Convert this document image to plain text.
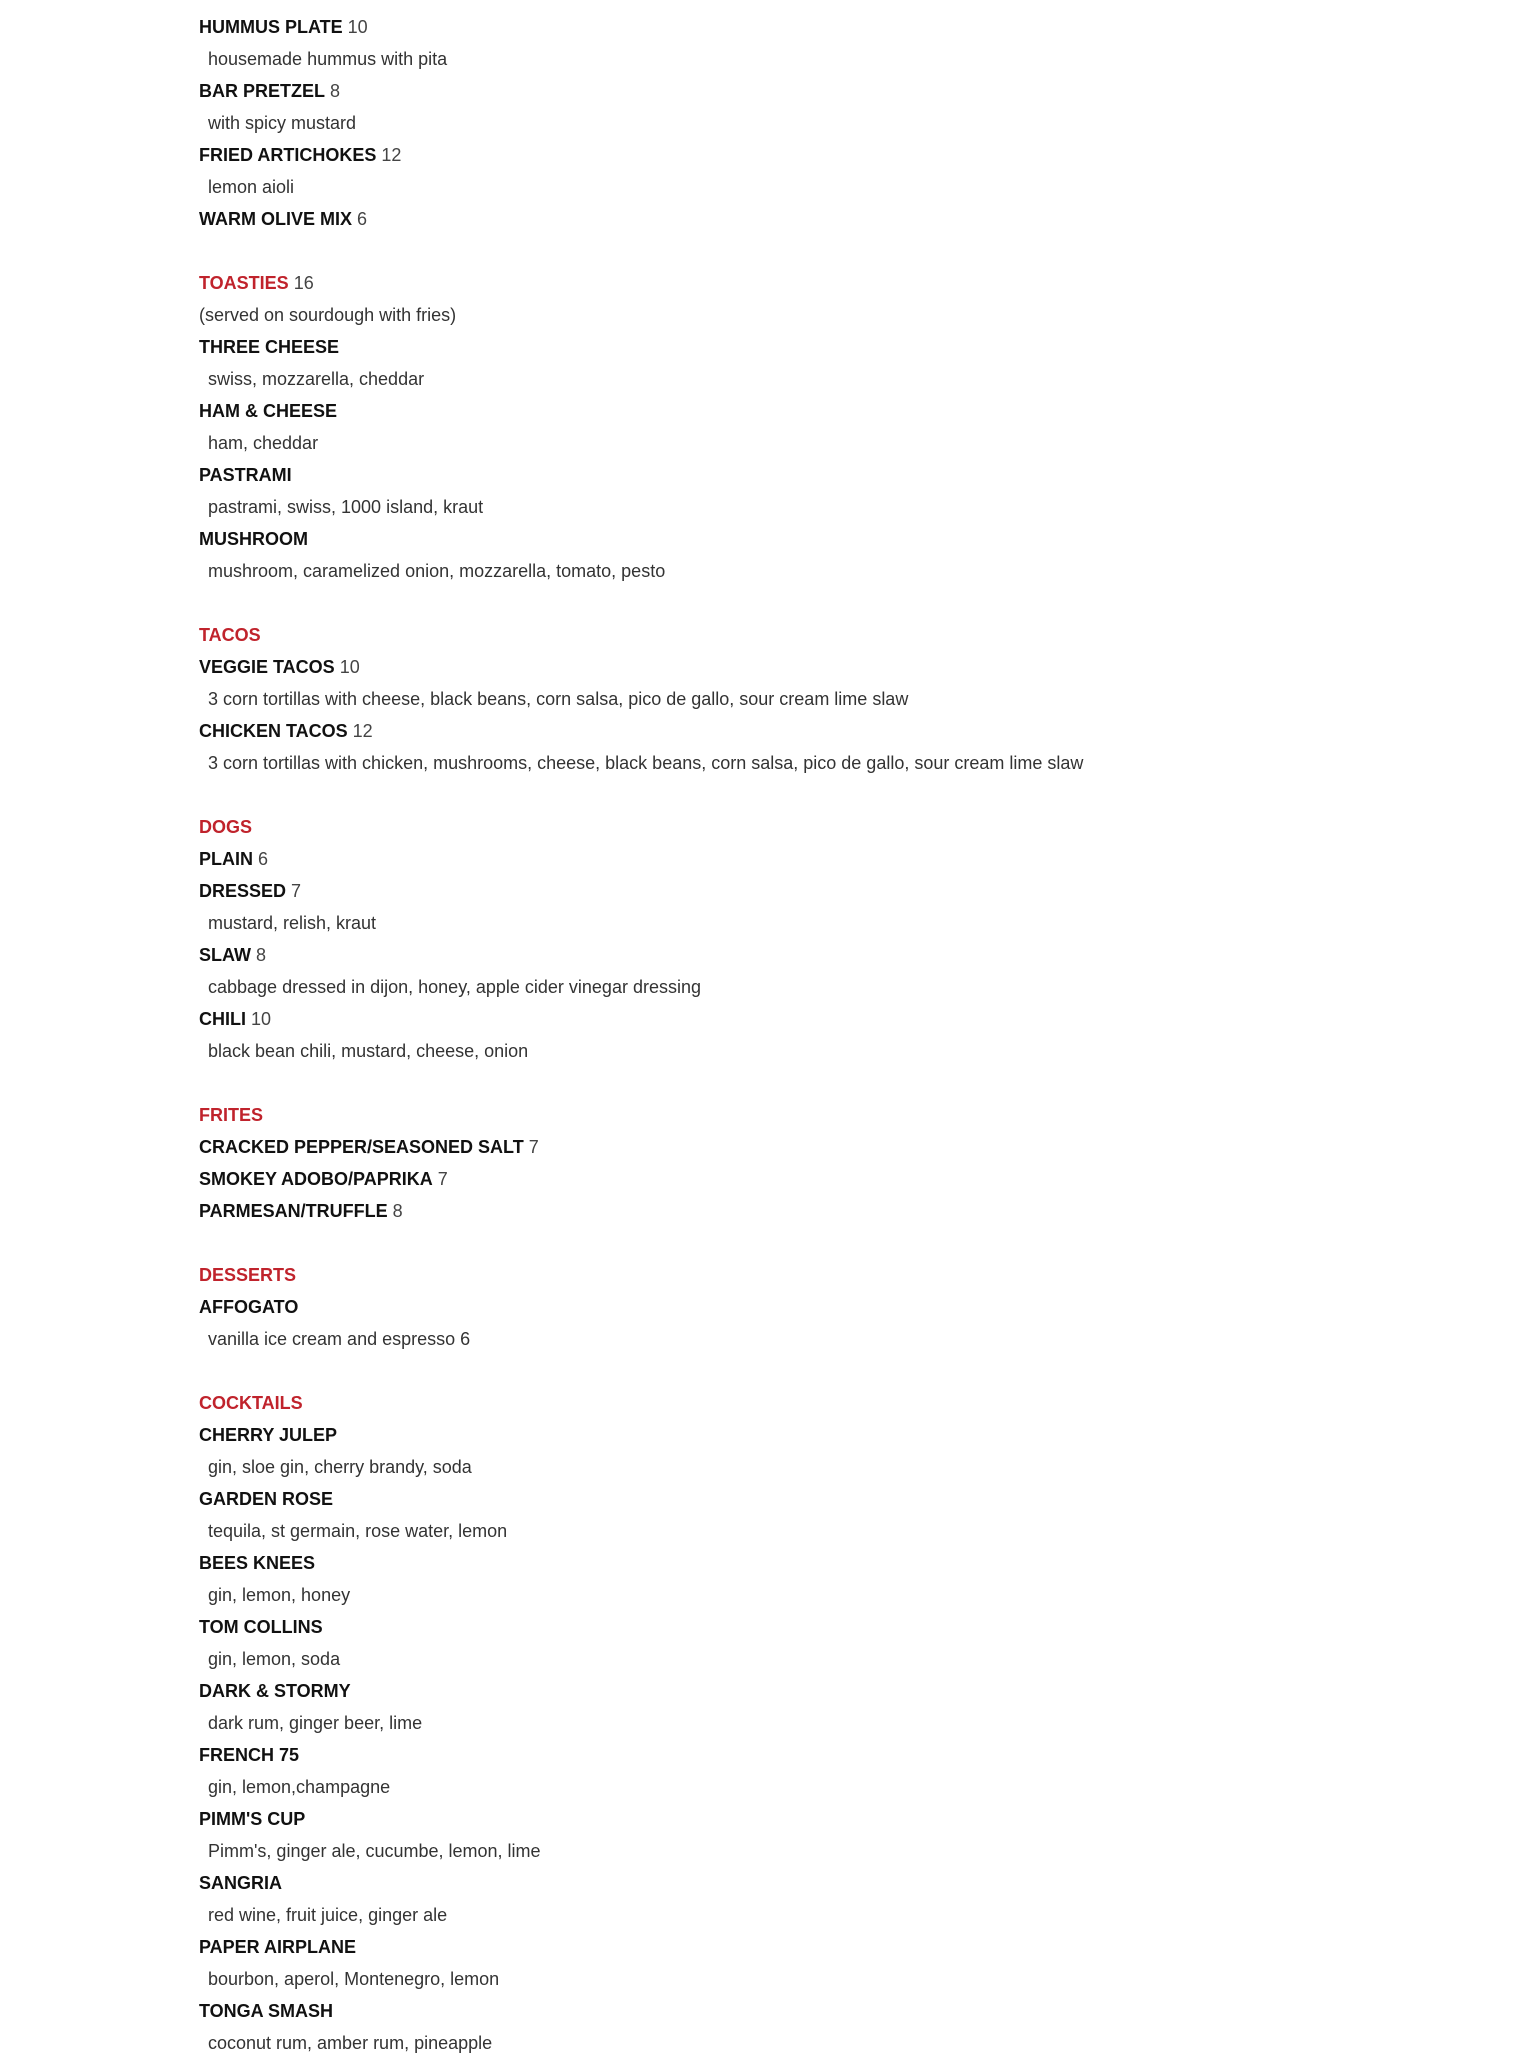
HUMMUS PLATE 10
housemade hummus with pita
BAR PRETZEL 8
with spicy mustard
FRIED ARTICHOKES 12
lemon aioli
WARM OLIVE MIX 6
TOASTIES 16
(served on sourdough with fries)
THREE CHEESE
swiss, mozzarella, cheddar
HAM & CHEESE
ham, cheddar
PASTRAMI
pastrami, swiss, 1000 island, kraut
MUSHROOM
mushroom, caramelized onion, mozzarella, tomato, pesto
TACOS
VEGGIE TACOS 10
3 corn tortillas with cheese, black beans, corn salsa, pico de gallo, sour cream lime slaw
CHICKEN TACOS 12
3 corn tortillas with chicken, mushrooms, cheese, black beans, corn salsa, pico de gallo, sour cream lime slaw
DOGS
PLAIN 6
DRESSED 7
mustard, relish, kraut
SLAW 8
cabbage dressed in dijon, honey, apple cider vinegar dressing
CHILI 10
black bean chili, mustard, cheese, onion
FRITES
CRACKED PEPPER/SEASONED SALT 7
SMOKEY ADOBO/PAPRIKA 7
PARMESAN/TRUFFLE 8
DESSERTS
AFFOGATO
vanilla ice cream and espresso 6
COCKTAILS
CHERRY JULEP
gin, sloe gin, cherry brandy, soda
GARDEN ROSE
tequila, st germain, rose water, lemon
BEES KNEES
gin, lemon, honey
TOM COLLINS
gin, lemon, soda
DARK & STORMY
dark rum, ginger beer, lime
FRENCH 75
gin, lemon,champagne
PIMM'S CUP
Pimm's, ginger ale, cucumbe, lemon, lime
SANGRIA
red wine, fruit juice, ginger ale
PAPER AIRPLANE
bourbon, aperol, Montenegro, lemon
TONGA SMASH
coconut rum, amber rum, pineapple
